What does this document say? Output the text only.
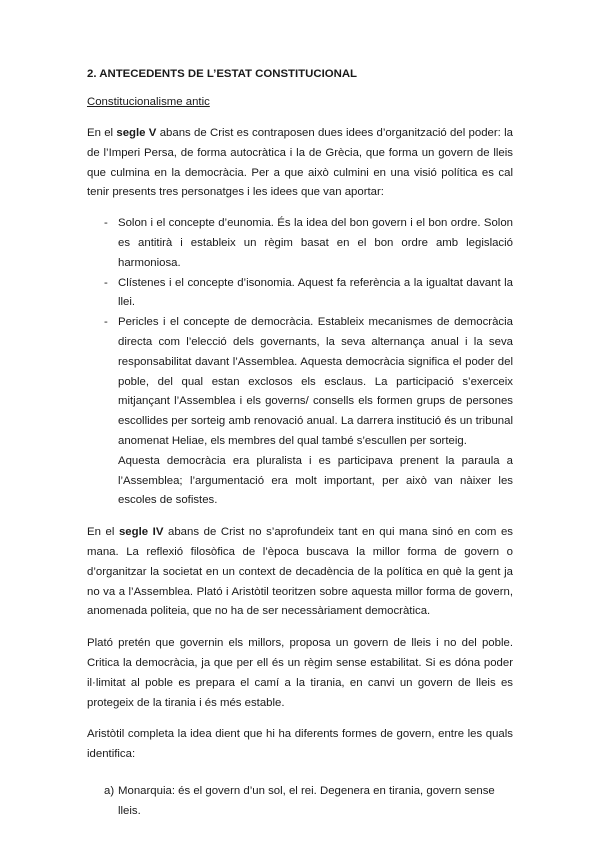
2. ANTECEDENTS DE L’ESTAT CONSTITUCIONAL

Constitucionalisme antic

En el segle V abans de Crist es contraposen dues idees d’organització del poder: la de l’Imperi Persa, de forma autocràtica i la de Grècia, que forma un govern de lleis que culmina en la democràcia. Per a que això culmini en una visió política es cal tenir presents tres personatges i les idees que van aportar:

- Solon i el concepte d’eunomia. És la idea del bon govern i el bon ordre. Solon es antitirà i estableix un règim basat en el bon ordre amb legislació harmoniosa.
- Clístenes i el concepte d’isonomia. Aquest fa referència a la igualtat davant la llei.
- Pericles i el concepte de democràcia. Estableix mecanismes de democràcia directa com l’elecció dels governants, la seva alternança anual i la seva responsabilitat davant l’Assemblea. Aquesta democràcia significa el poder del poble, del qual estan exclosos els esclaus. La participació s’exerceix mitjançant l’Assemblea i els governs/ consells els formen grups de persones escollides per sorteig amb renovació anual. La darrera institució és un tribunal anomenat Heliae, els membres del qual també s’escullen per sorteig.

Aquesta democràcia era pluralista i es participava prenent la paraula a l’Assemblea; l’argumentació era molt important, per això van nàixer les escoles de sofistes.

En el segle IV abans de Crist no s’aprofundeix tant en qui mana sinó en com es mana. La reflexió filosòfica de l’època buscava la millor forma de govern o d’organitzar la societat en un context de decadència de la política en què la gent ja no va a l’Assemblea. Plató i Aristòtil teoritzen sobre aquesta millor forma de govern, anomenada politeia, que no ha de ser necessàriament democràtica.

Plató pretén que governin els millors, proposa un govern de lleis i no del poble. Critica la democràcia, ja que per ell és un règim sense estabilitat. Si es dóna poder il·limitat al poble es prepara el camí a la tirania, en canvi un govern de lleis es protegeix de la tirania i és més estable.

Aristòtil completa la idea dient que hi ha diferents formes de govern, entre les quals identifica:

a) Monarquia: és el govern d’un sol, el rei. Degenera en tirania, govern sense lleis.
